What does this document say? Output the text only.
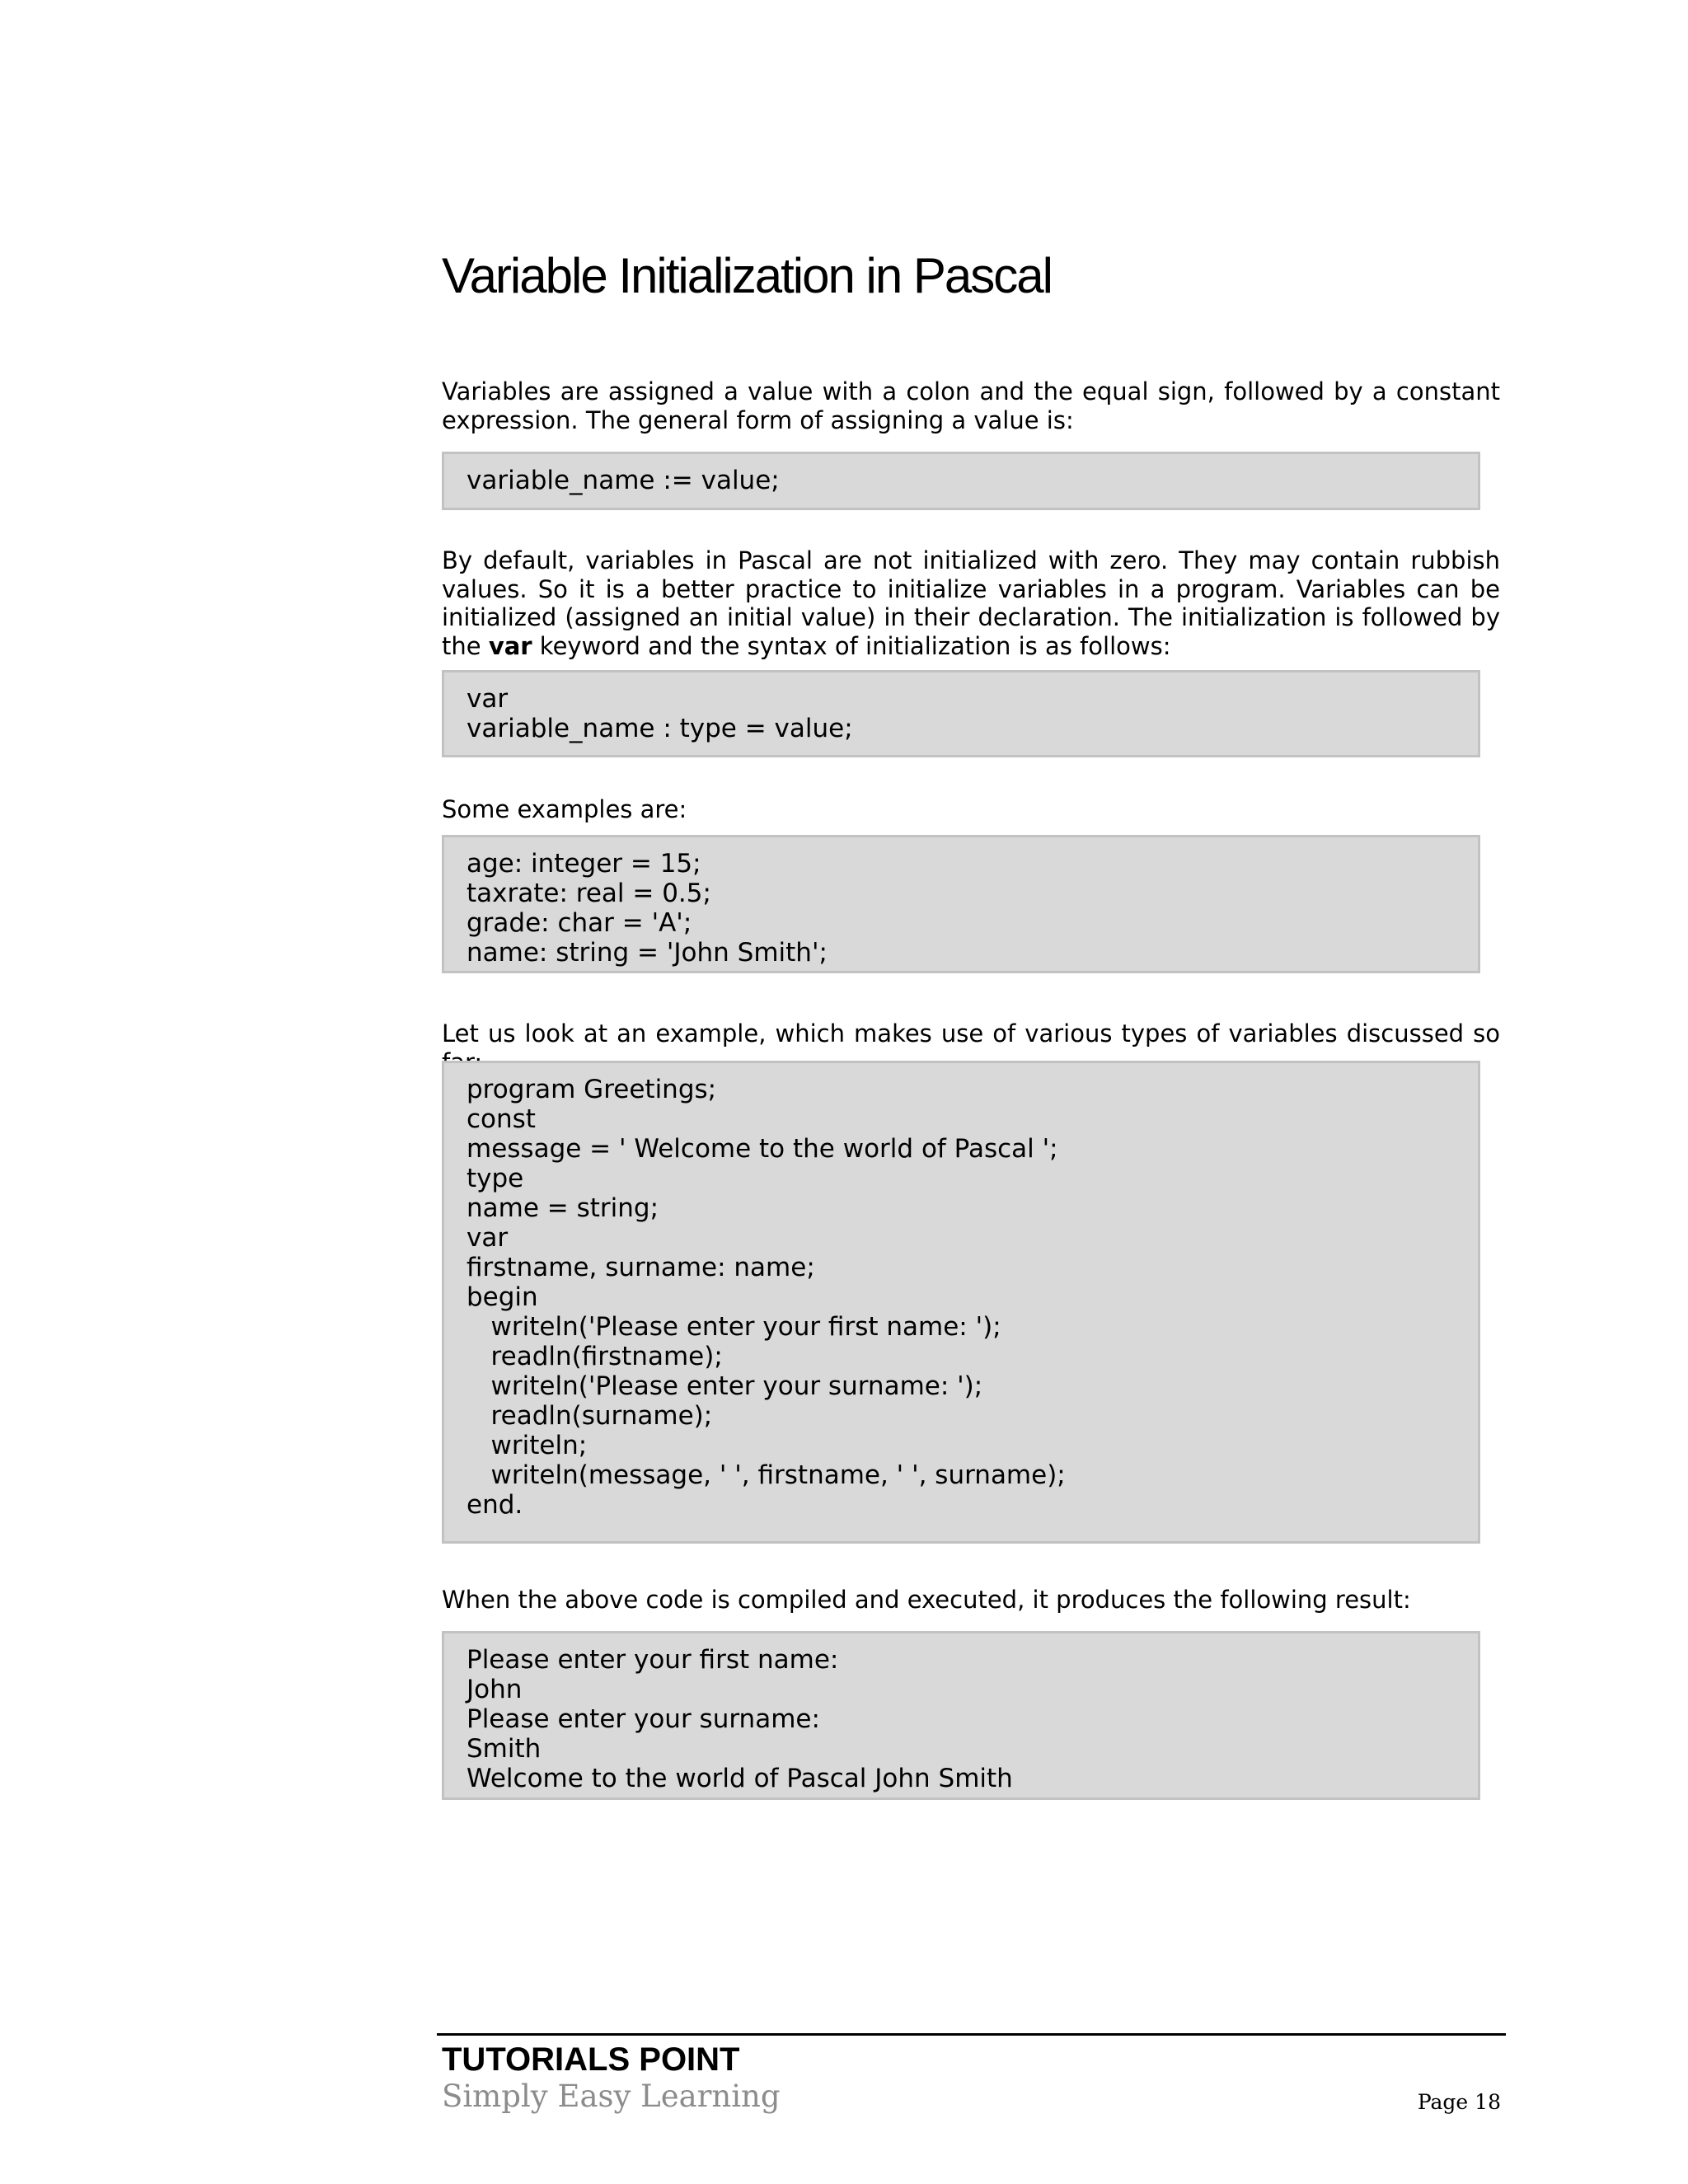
Variable Initialization in Pascal

Variables are assigned a value with a colon and the equal sign, followed by a constant expression. The general form of assigning a value is:

variable_name := value;

By default, variables in Pascal are not initialized with zero. They may contain rubbish values. So it is a better practice to initialize variables in a program. Variables can be initialized (assigned an initial value) in their declaration. The initialization is followed by the var keyword and the syntax of initialization is as follows:

var
variable_name : type = value;

Some examples are:

age: integer = 15;
taxrate: real = 0.5;
grade: char = 'A';
name: string = 'John Smith';

Let us look at an example, which makes use of various types of variables discussed so

program Greetings;
const
message = ' Welcome to the world of Pascal ';
type
name = string;
var
firstname, surname: name;
begin
writeln('Please enter your first name: ');
readln(firstname);
writeln('Please enter your surname: ');
readln(surname);
writeln;
writeln(message, ' ', firstname, ' ', surname);
end.

When the above code is compiled and executed, it produces the following result:

Please enter your first name:
John
Please enter your surname:
Smith
Welcome to the world of Pascal John Smith

TUTORIALS POINT

Simply Easy Learning	Page 18
